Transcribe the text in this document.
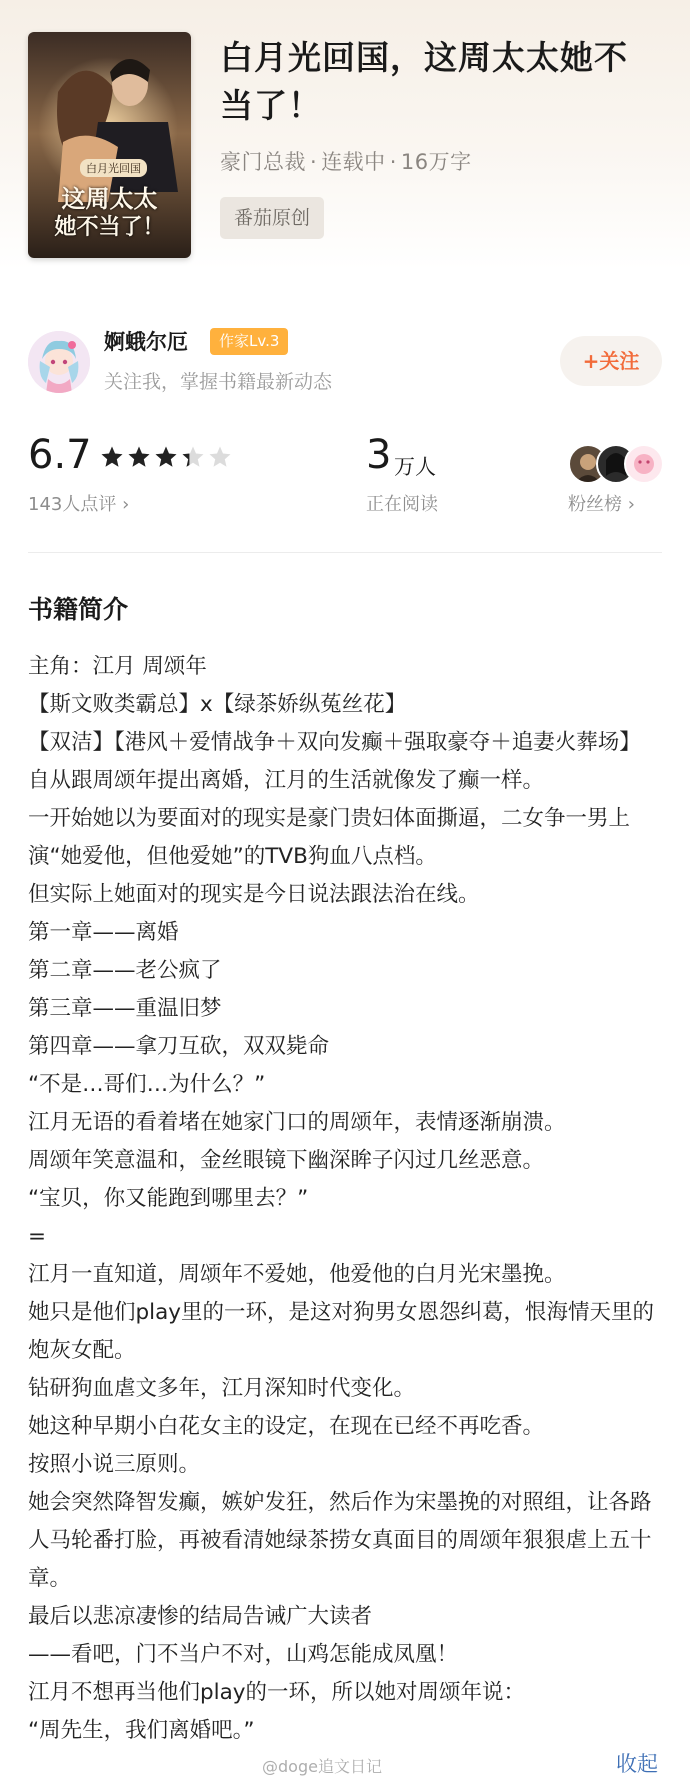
白月光回国
这周太太
她不当了！
白月光回国，这周太太她不当了！
豪门总裁 · 连载中 · 16万字
番茄原创
婀蛾尔厄	作家Lv.3
关注我，掌握书籍最新动态
+关注
6.7
143人点评 ›
3 万人
正在阅读	粉丝榜 ›
书籍简介

主角：江月 周颂年

【斯文败类霸总】x【绿茶娇纵菟丝花】

【双洁】【港风＋爱情战争＋双向发癫＋强取豪夺＋追妻火葬场】

自从跟周颂年提出离婚，江月的生活就像发了癫一样。

一开始她以为要面对的现实是豪门贵妇体面撕逼，二女争一男上演“她爱他，但他爱她”的TVB狗血八点档。

但实际上她面对的现实是今日说法跟法治在线。

第一章——离婚

第二章——老公疯了

第三章——重温旧梦

第四章——拿刀互砍，双双毙命

“不是…哥们…为什么？”

江月无语的看着堵在她家门口的周颂年，表情逐渐崩溃。

周颂年笑意温和，金丝眼镜下幽深眸子闪过几丝恶意。

“宝贝，你又能跑到哪里去？”

=

江月一直知道，周颂年不爱她，他爱他的白月光宋墨挽。

她只是他们play里的一环，是这对狗男女恩怨纠葛，恨海情天里的炮灰女配。

钻研狗血虐文多年，江月深知时代变化。

她这种早期小白花女主的设定，在现在已经不再吃香。

按照小说三原则。

她会突然降智发癫，嫉妒发狂，然后作为宋墨挽的对照组，让各路人马轮番打脸，再被看清她绿茶捞女真面目的周颂年狠狠虐上五十章。

最后以悲凉凄惨的结局告诫广大读者

——看吧，门不当户不对，山鸡怎能成凤凰！

江月不想再当他们play的一环，所以她对周颂年说：

“周先生，我们离婚吧。”

@doge追文日记	收起
